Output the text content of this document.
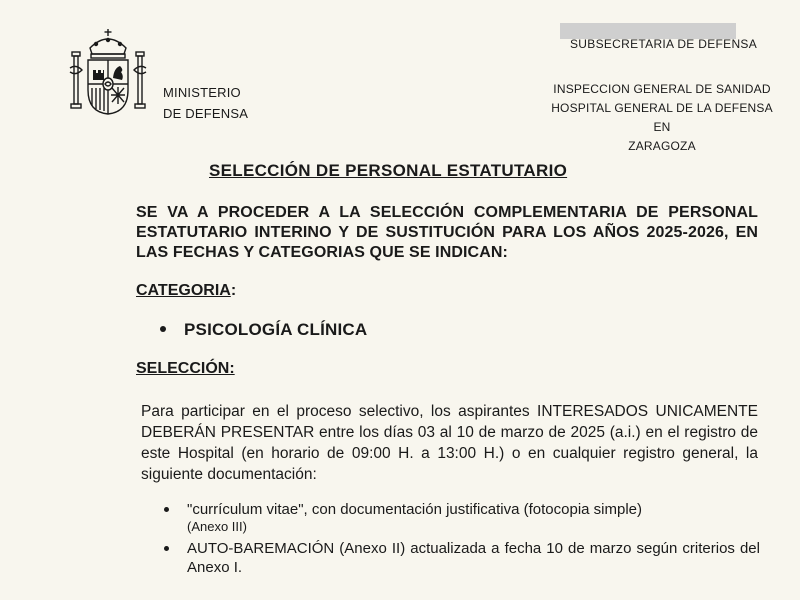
MINISTERIO
DE DEFENSA
SUBSECRETARIA DE DEFENSA
INSPECCION GENERAL DE SANIDAD
HOSPITAL GENERAL DE LA DEFENSA EN
ZARAGOZA
SELECCIÓN DE PERSONAL ESTATUTARIO
SE VA A PROCEDER A LA SELECCIÓN COMPLEMENTARIA DE PERSONAL ESTATUTARIO INTERINO Y DE SUSTITUCIÓN PARA LOS AÑOS 2025-2026, EN LAS FECHAS Y CATEGORIAS QUE SE INDICAN:
CATEGORIA:
PSICOLOGÍA CLÍNICA
SELECCIÓN:
Para participar en el proceso selectivo, los aspirantes INTERESADOS UNICAMENTE DEBERÁN PRESENTAR entre los días 03 al 10 de marzo de 2025 (a.i.) en el registro de este Hospital (en horario de 09:00 H. a 13:00 H.) o en cualquier registro general, la siguiente documentación:
"currículum vitae", con documentación justificativa (fotocopia simple)
(Anexo III)
AUTO-BAREMACIÓN (Anexo II) actualizada a fecha 10 de marzo según criterios del Anexo I.
